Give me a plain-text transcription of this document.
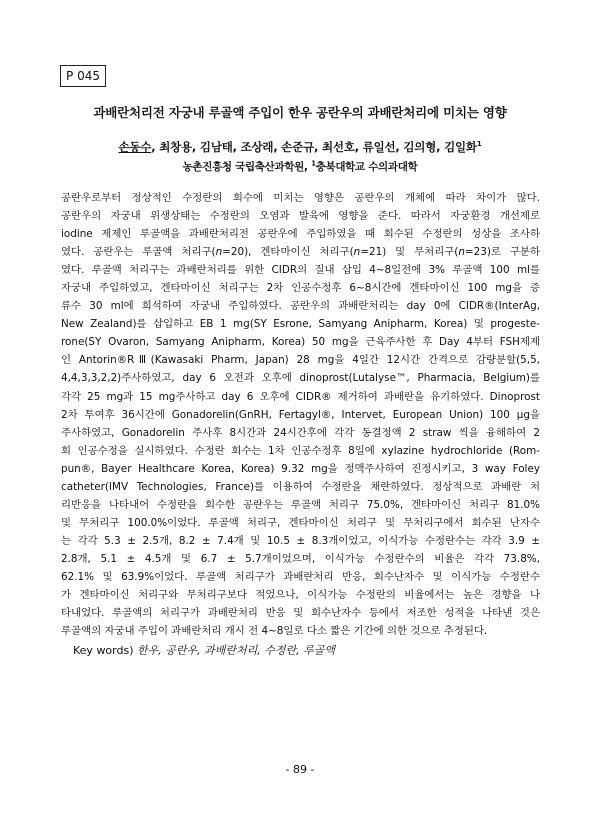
P 045
과배란처리전 자궁내 루골액 주입이 한우 공란우의 과배란처리에 미치는 영향
손동수, 최창용, 김남태, 조상래, 손준규, 최선호, 류일선, 김의형, 김일화$^1$
농촌진흥청 국립축산과학원, $^1$충북대학교 수의과대학
공란우로부터 정상적인 수정란의 회수에 미치는 영향은 공란우의 개체에 따라 차이가 많다.
공란우의 자궁내 위생상태는 수정란의 오염과 발육에 영향을 준다. 따라서 자궁환경 개선제로
iodine 제제인 루골액을 과배란처리전 공란우에 주입하였을 때 회수된 수정란의 성상을 조사하
였다. 공란우는 루골액 처리구(n=20), 겐타마이신 처리구(n=21) 및 무처리구(n=23)로 구분하
였다. 루골액 처리구는 과배란처리를 위한 CIDR의 질내 삽입 4~8일전에 3% 루골액 100 ml를
자궁내 주입하였고, 겐타마이신 처리구는 2차 인공수정후 6~8시간에 겐타마이신 100 mg을 증
류수 30 ml에 희석하여 자궁내 주입하였다. 공란우의 과배란처리는 day 0에 CIDR®(InterAg,
New Zealand)를 삽입하고 EB 1 mg(SY Esrone, Samyang Anipharm, Korea) 및 progeste-
rone(SY Ovaron, Samyang Anipharm, Korea) 50 mg을 근육주사한 후 Day 4부터 FSH제제
인 Antorin®RⅢ(Kawasaki Pharm, Japan) 28 mg을 4일간 12시간 간격으로 감량분할(5,5,
4,4,3,3,2,2)주사하였고, day 6 오전과 오후에 dinoprost(Lutalyse™, Pharmacia, Belgium)를
각각 25 mg과 15 mg주사하고 day 6 오후에 CIDR® 제거하여 과배란을 유기하였다. Dinoprost
2차 투여후 36시간에 Gonadorelin(GnRH, Fertagyl®, Intervet, European Union) 100 μg을
주사하였고, Gonadorelin 주사후 8시간과 24시간후에 각각 동결정액 2 straw 씩을 융해하여 2
회 인공수정을 실시하였다. 수정란 회수는 1차 인공수정후 8일에 xylazine hydrochloride (Rom-
pun®, Bayer Healthcare Korea, Korea) 9.32 mg을 정맥주사하여 진정시키고, 3 way Foley
catheter(IMV Technologies, France)를 이용하여 수정란을 채란하였다. 정상적으로 과배란 처
리반응을 나타내어 수정란을 회수한 공란우는 루골액 처리구 75.0%, 겐타마이신 처리구 81.0%
및 무처리구 100.0%이었다. 루골액 처리구, 겐타마이신 처리구 및 무처리구에서 회수된 난자수
는 각각 5.3 ± 2.5개, 8.2 ± 7.4개 및 10.5 ± 8.3개이었고, 이식가능 수정란수는 각각 3.9 ±
2.8개, 5.1 ± 4.5개 및 6.7 ± 5.7개이었으며, 이식가능 수정란수의 비율은 각각 73.8%,
62.1% 및 63.9%이었다. 루골액 처리구가 과배란처리 반응, 회수난자수 및 이식가능 수정란수
가 겐타마이신 처리구와 무처리구보다 적었으나, 이식가능 수정란의 비율에서는 높은 경향을 나
타내었다. 루골액의 처리구가 과배란처리 반응 및 회수난자수 등에서 저조한 성적을 나타낸 것은
루골액의 자궁내 주입이 과배란처리 개시 전 4~8일로 다소 짧은 기간에 의한 것으로 추정된다.
Key words) 한우, 공란우, 과배란처리, 수정란, 루골액
- 89 -
